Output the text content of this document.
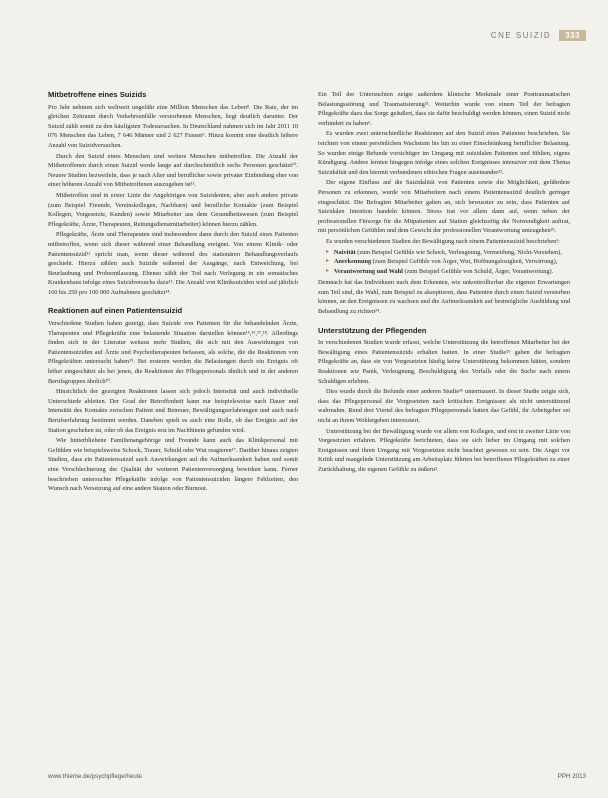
CNE SUIZID	333
Mitbetroffene eines Suizids

Pro Jahr nehmen sich weltweit ungefähr eine Million Menschen das Leben⁸. Die Rate, der im gleichen Zeitraum durch Verkehrsunfälle verstorbenen Menschen, liegt deutlich darunter. Der Suizid zählt somit zu den häufigsten Todesursachen. In Deutschland nahmen sich im Jahr 2011 10 076 Menschen das Leben, 7 646 Männer und 2 627 Frauen⁹. Hinzu kommt eine deutlich höhere Anzahl von Suizidversuchen.

Durch den Suizid eines Menschen sind weitere Menschen mitbetroffen. Die Anzahl der Mitbetroffenen durch einen Suizid werde lange auf durchschnittlich sechs Personen geschätzt¹⁰. Neuere Studien bezweifeln, dass je nach Alter und beruflicher sowie privater Einbindung eher von einer höheren Anzahl von Mitbetroffenen auszugehen ist¹¹.

Mitbetroffen sind in erster Linie die Angehörigen von Suizidenten, aber auch andere private (zum Beispiel Freunde, Vereinskollegen, Nachbarn) und berufliche Kontakte (zum Beispiel Kollegen, Vorgesetzte, Kunden) sowie Mitarbeiter aus dem Gesundheitswesen (zum Beispiel Pflegekräfte, Ärzte, Therapeuten, Rettungsdienstmitarbeiter) können hierzu zählen.

Pflegekräfte, Ärzte und Therapeuten sind insbesondere dann durch den Suizid eines Patienten mitbetroffen, wenn sich dieser während einer Behandlung ereignet. Von einem Klinik- oder Patientensuizid¹² spricht man, wenn dieser während des stationären Behandlungsverlaufs geschieht. Hierzu zählen auch Suizide während der Ausgänge, nach Entweichung, bei Beurlaubung und Probeentlassung. Ebenso zählt der Tod nach Verlegung in ein somatisches Krankenhaus infolge eines Suizidversuchs dazu¹³. Die Anzahl von Kliniksuiziden wird auf jährlich 160 bis 250 pro 100 000 Aufnahmen geschätzt¹⁴.

Reaktionen auf einen Patientensuizid

Verschiedene Studien haben gezeigt, dass Suizide von Patienten für die behandelnden Ärzte, Therapeuten und Pflegekräfte eine belastende Situation darstellen können¹⁵,¹⁶,¹⁷,¹⁸. Allerdings finden sich in der Literatur weitaus mehr Studien, die sich mit den Auswirkungen von Patientensuiziden auf Ärzte und Psychotherapeuten befassen, als solche, die die Reaktionen von Pflegekräften untersucht haben¹⁹. Bei ersteren werden die Belastungen durch ein Ereignis oft höher eingeschätzt als bei jenen, die Reaktionen der Pflegepersonals ähnlich und in der anderen Berufsgruppen ähnlich²⁰.

Hinsichtlich der gezeigten Reaktionen lassen sich jedoch Intensität und auch individuelle Unterschiede ableiten. Der Grad der Betroffenheit kann nur beispielsweise nach Dauer und Intensität des Kontakts zwischen Patient und Betreuer, Bewältigungserfahrungen und auch nach Berufserfahrung bestimmt werden. Daneben spielt es auch eine Rolle, ob das Ereignis auf der Station geschehen ist, oder ob das Ereignis erst im Nachhinein gefunden wird.

Wie hinterbliebene Familienangehörige und Freunde kann auch das Klinikpersonal mit Gefühlen wie beispielsweise Schock, Trauer, Schuld oder Wut reagieren¹⁷. Darüber hinaus zeigten Studien, dass ein Patientensuizid auch Auswirkungen auf die Aufmerksamkeit haben und somit eine Verschlechterung der Qualität der weiteren Patientenversorgung bewirken kann. Ferner beschrieben untersuchte Pflegekräfte infolge von Patientensuiziden längere Fehlzeiten, den Wunsch nach Versetzung auf eine andere Station oder Burnout.

Ein Teil der Untersuchten zeigte außerdem klinische Merkmale einer Posttraumatischen Belastungsstörung und Traumatisierung²¹. Weiterhin wurde von einem Teil der befragten Pflegekräfte dazu das Sorge geäußert, dass sie dafür beschuldigt werden können, einen Suizid nicht verhindert zu haben⁵.

Es wurden zwei unterschiedliche Reaktionen auf den Suizid eines Patienten beschrieben. Sie reichten von einem persönlichen Wachstum bis hin zu einer Einschränkung beruflicher Belastung. So wurden einige Befunde vorsichtiger im Umgang mit suizidalen Patienten und fühlten, eigens Kündigung. Andere lernten hingegen infolge eines solchen Ereignisses intensiver mit dem Thema Suizidalität und den hiermit verbundenen ethischen Fragen auseinander²².

Der eigene Einfluss auf die Suizidalität von Patienten sowie die Möglichkeit, gefährdete Personen zu erkennen, wurde von Mitarbeitern nach einem Patientensuizid deutlich geringer eingeschätzt. Die Befragten Mitarbeiter gaben an, sich bewusster zu sein, dass Patienten auf Suizidalen Intention handeln können. Stress trat vor allem dann auf, wenn neben der professionellen Fürsorge für die Mitpatienten auf Station gleichzeitig die Notwendigkeit auftrat, mit persönlichen Gefühlen und dem Gewicht der professionellen Verantwortung umzugehen²³.

Es wurden verschiedenen Stadien der Bewältigung nach einem Patientensuizid beschrieben¹:

▸ Naivität (zum Beispiel Gefühle wie Schock, Verleugnung, Vermeidung, Nicht-Verstehen),
▸ Anerkennung (zum Beispiel Gefühle von Ärger, Wut, Hoffnungslosigkeit, Verwirrung),
▸ Verantwortung und Wahl (zum Beispiel Gefühle von Schuld, Ärger, Verantwortung).

Demnach hat das Individuum nach dem Erkennen, wie unkontrollierbar die eigenen Erwartungen zum Teil sind, die Wahl, zum Beispiel zu akzeptieren, dass Patienten durch einen Suizid versterben können, an den Ereignissen zu wachsen und die Aufmerksamkeit auf bestmögliche Ausbildung und Behandlung zu richten²⁴.

Unterstützung der Pflegenden

In verschiedenen Studien wurde erfasst, welche Unterstützung die betroffenen Mitarbeiter bei der Bewältigung eines Patientensuizids erhalten hatten. In einer Studie²⁵ gaben die befragten Pflegekräfte an, dass sie von Vorgesetzten häufig keine Unterstützung bekommen hätten, sondern Reaktionen wie Panik, Verleugnung, Beschuldigung des Vorfalls oder die Suche nach einem Schuldigen erlebten.

Dies wurde durch die Befunde einer anderen Studie²⁶ untermauert. In dieser Studie zeigte sich, dass das Pflegepersonal die Vorgesetzten nach kritischen Ereignissen als nicht unterstützend wahrnahm. Rund drei Viertel des befragten Pflegepersonals hatten das Gefühl, ihr Arbeitgeber sei nicht an ihrem Wohlergehen interessiert.

Unterstützung bei der Bewältigung wurde vor allem von Kollegen, und erst in zweiter Linie von Vorgesetzten erfahren. Pflegekräfte berichteten, dass sie sich lieber im Umgang mit solchen Ereignissen und ihren Umgang mit Vorgesetzten nicht beachtet gewesen zu sein. Die Angst vor Kritik und mangelnde Unterstützung am Arbeitsplatz führten bei betroffenen Pflegekräften zu einer Zurückhaltung, die eigenen Gefühle zu äußern².

www.thieme.de/psychpflege/heute	PPH 2013
